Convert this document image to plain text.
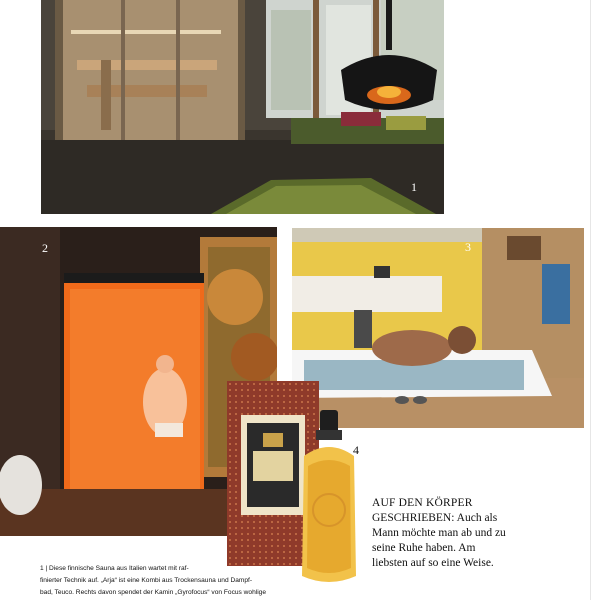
1
2	3
4
AUF DEN KÖRPER
GESCHRIEBEN: Auch als
Mann möchte man ab und zu
seine Ruhe haben. Am
liebsten auf so eine Weise.
1 | Diese finnische Sauna aus Italien wartet mit raf-
finierter Technik auf. „Arja“ ist eine Kombi aus Trockensauna und Dampf-
bad, Teuco. Rechts davon spendet der Kamin „Gyrofocus“ von Focus wohlige
